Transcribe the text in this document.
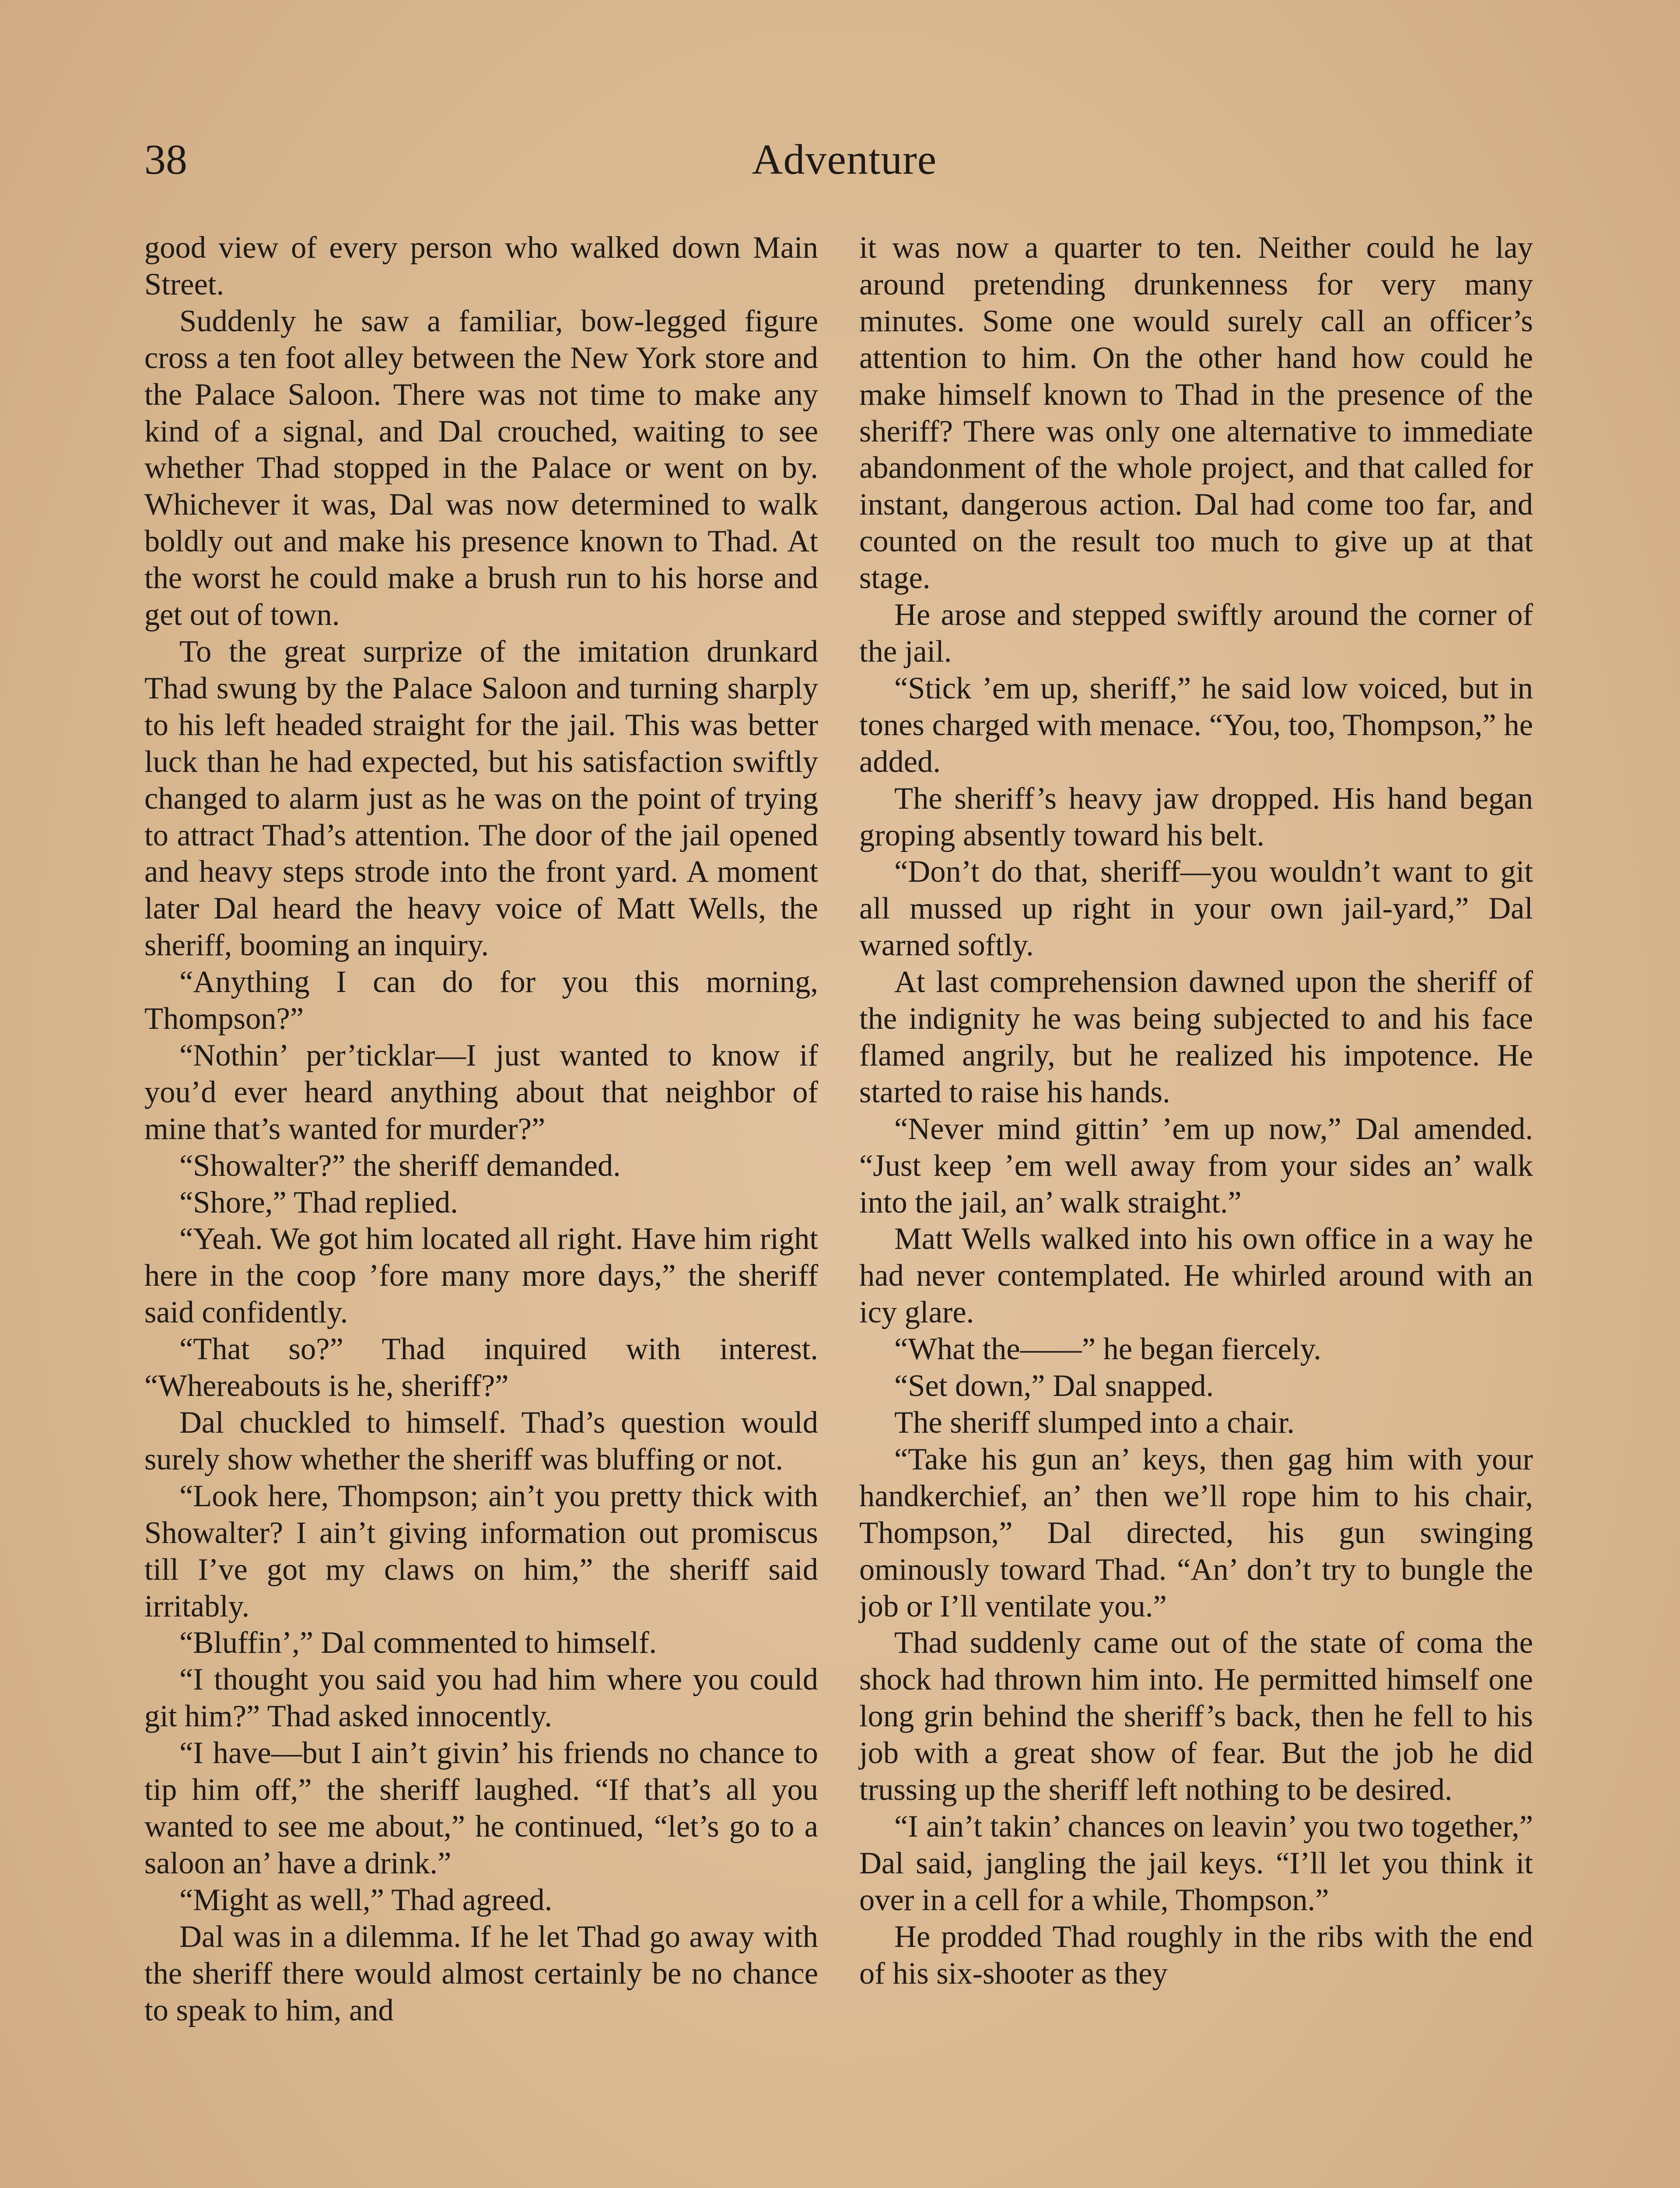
38	Adventure

good view of every person who walked down Main Street.

Suddenly he saw a familiar, bow-legged figure cross a ten foot alley between the New York store and the Palace Saloon. There was not time to make any kind of a signal, and Dal crouched, waiting to see whether Thad stopped in the Palace or went on by. Whichever it was, Dal was now determined to walk boldly out and make his presence known to Thad. At the worst he could make a brush run to his horse and get out of town.

To the great surprize of the imitation drunkard Thad swung by the Palace Saloon and turning sharply to his left headed straight for the jail. This was better luck than he had expected, but his satisfaction swiftly changed to alarm just as he was on the point of trying to attract Thad’s attention. The door of the jail opened and heavy steps strode into the front yard. A moment later Dal heard the heavy voice of Matt Wells, the sheriff, booming an inquiry.

“Anything I can do for you this morning, Thompson?”

“Nothin’ per’ticklar—I just wanted to know if you’d ever heard anything about that neighbor of mine that’s wanted for murder?”

“Showalter?” the sheriff demanded.

“Shore,” Thad replied.

“Yeah. We got him located all right. Have him right here in the coop ’fore many more days,” the sheriff said confidently.

“That so?” Thad inquired with interest. “Whereabouts is he, sheriff?”

Dal chuckled to himself. Thad’s question would surely show whether the sheriff was bluffing or not.

“Look here, Thompson; ain’t you pretty thick with Showalter? I ain’t giving information out promiscus till I’ve got my claws on him,” the sheriff said irritably.

“Bluffin’,” Dal commented to himself.

“I thought you said you had him where you could git him?” Thad asked innocently.

“I have—but I ain’t givin’ his friends no chance to tip him off,” the sheriff laughed. “If that’s all you wanted to see me about,” he continued, “let’s go to a saloon an’ have a drink.”

“Might as well,” Thad agreed.

Dal was in a dilemma. If he let Thad go away with the sheriff there would almost certainly be no chance to speak to him, and

it was now a quarter to ten. Neither could he lay around pretending drunkenness for very many minutes. Some one would surely call an officer’s attention to him. On the other hand how could he make himself known to Thad in the presence of the sheriff? There was only one alternative to immediate abandonment of the whole project, and that called for instant, dangerous action. Dal had come too far, and counted on the result too much to give up at that stage.

He arose and stepped swiftly around the corner of the jail.

“Stick ’em up, sheriff,” he said low voiced, but in tones charged with menace. “You, too, Thompson,” he added.

The sheriff’s heavy jaw dropped. His hand began groping absently toward his belt.

“Don’t do that, sheriff—you wouldn’t want to git all mussed up right in your own jail-yard,” Dal warned softly.

At last comprehension dawned upon the sheriff of the indignity he was being subjected to and his face flamed angrily, but he realized his impotence. He started to raise his hands.

“Never mind gittin’ ’em up now,” Dal amended. “Just keep ’em well away from your sides an’ walk into the jail, an’ walk straight.”

Matt Wells walked into his own office in a way he had never contemplated. He whirled around with an icy glare.

“What the——” he began fiercely.

“Set down,” Dal snapped.

The sheriff slumped into a chair.

“Take his gun an’ keys, then gag him with your handkerchief, an’ then we’ll rope him to his chair, Thompson,” Dal directed, his gun swinging ominously toward Thad. “An’ don’t try to bungle the job or I’ll ventilate you.”

Thad suddenly came out of the state of coma the shock had thrown him into. He permitted himself one long grin behind the sheriff’s back, then he fell to his job with a great show of fear. But the job he did trussing up the sheriff left nothing to be desired.

“I ain’t takin’ chances on leavin’ you two together,” Dal said, jangling the jail keys. “I’ll let you think it over in a cell for a while, Thompson.”

He prodded Thad roughly in the ribs with the end of his six-shooter as they
